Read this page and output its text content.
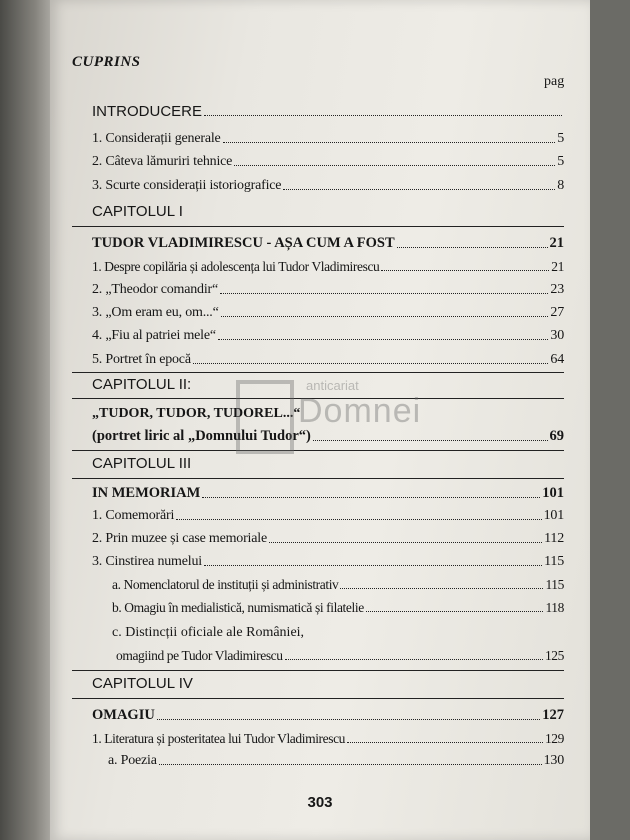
CUPRINS
pag
INTRODUCERE
1. Considerații generale	5
2. Câteva lămuriri tehnice	5
3. Scurte considerații istoriografice	8
CAPITOLUL I
TUDOR VLADIMIRESCU - AȘA CUM A FOST	21
1. Despre copilăria și adolescența lui Tudor Vladimirescu	21
2. „Theodor comandir“	23
3. „Om eram eu, om...“	27
4. „Fiu al patriei mele“	30
5. Portret în epocă	64
CAPITOLUL II:
„TUDOR, TUDOR, TUDOREL...“
(portret liric al „Domnului Tudor“)	69
CAPITOLUL III
IN MEMORIAM	101
1. Comemorări	101
2. Prin muzee și case memoriale	112
3. Cinstirea numelui	115
a. Nomenclatorul de instituții și administrativ	115
b. Omagiu în medialistică, numismatică și filatelie	118
c. Distincții oficiale ale României,
omagiind pe Tudor Vladimirescu	125
CAPITOLUL IV
OMAGIU	127
1. Literatura și posteritatea lui Tudor Vladimirescu	129
a. Poezia	130
anticariat
Domnei
303
